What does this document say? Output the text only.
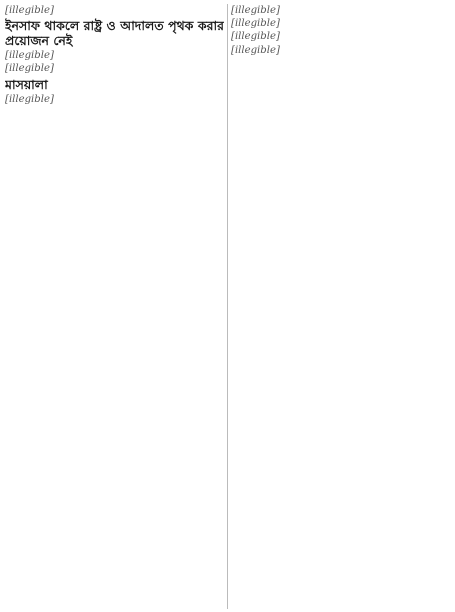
[illegible]

ইনসাফ থাকলে রাষ্ট্র ও আদালত পৃথক করার প্রয়োজন নেই

[illegible]

[illegible]

মাসয়ালা

[illegible]

[illegible]

[illegible]

[illegible]

[illegible]
